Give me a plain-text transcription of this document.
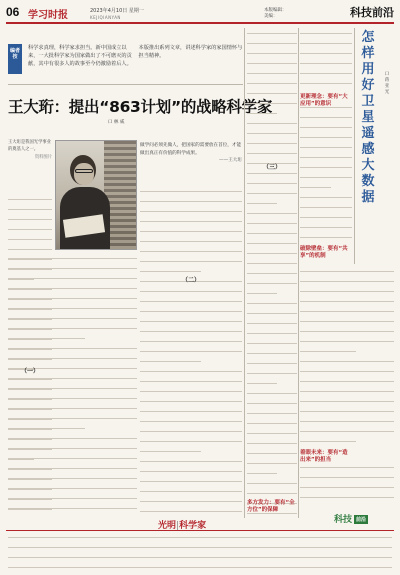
06 学习时报	2023年4月10日 星期一
KEJIQIANYAN
本版编辑：
美编：	科技前沿
编者按
科学求真理，科学家求担当。新中国成立以来，一大批科学家为国家做出了不可磨灭的贡献，其中有很多人的故事至今仍激励着后人。本版推出系列文章，讲述科学家的家国情怀与担当精神。
王大珩：提出“863计划”的战略科学家
口 林 威
王大珩是我国光学事业的奠基人之一。
资料图片
做学问必须先做人，把国家的需要放在首位，才能做出真正有价值的科学成果。
——王大珩
（一）
（二）
（三）
怎样用好卫星遥感大数据
口 蒋 亚 光
更新理念：要有“大应用”的意识
破除壁垒：要有“共享”的机制
着眼未来：要有“造出来”的担当
多方发力：要有“全方位”的保障
光明|科学家
科技 前沿
